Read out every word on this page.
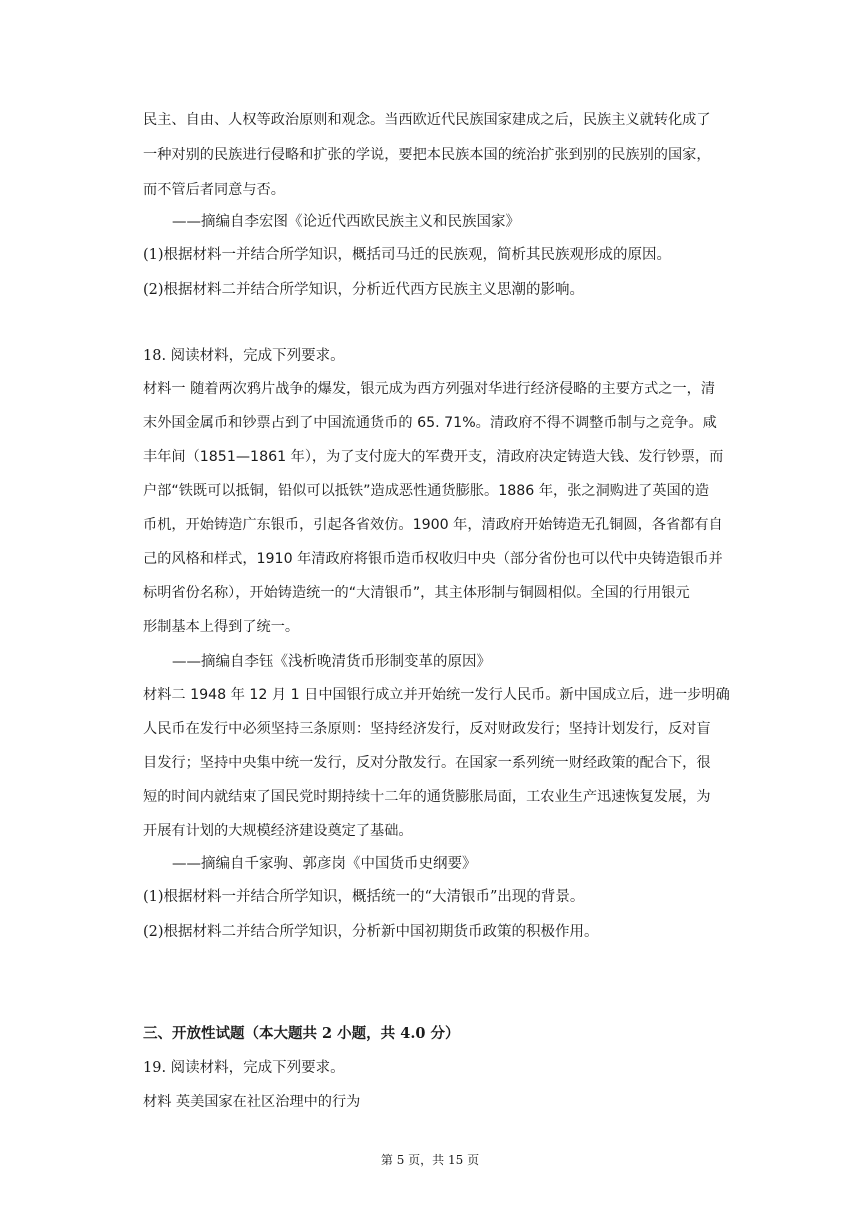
民主、自由、人权等政治原则和观念。当西欧近代民族国家建成之后，民族主义就转化成了
一种对别的民族进行侵略和扩张的学说，要把本民族本国的统治扩张到别的民族别的国家，
而不管后者同意与否。
——摘编自李宏图《论近代西欧民族主义和民族国家》
(1)根据材料一并结合所学知识，概括司马迁的民族观，简析其民族观形成的原因。
(2)根据材料二并结合所学知识，分析近代西方民族主义思潮的影响。
18. 阅读材料，完成下列要求。
材料一 随着两次鸦片战争的爆发，银元成为西方列强对华进行经济侵略的主要方式之一，清
末外国金属币和钞票占到了中国流通货币的 65. 71%。清政府不得不调整币制与之竞争。咸
丰年间（1851—1861 年），为了支付庞大的军费开支，清政府决定铸造大钱、发行钞票，而
户部“铁既可以抵铜，铅似可以抵铁”造成恶性通货膨胀。1886 年，张之洞购进了英国的造
币机，开始铸造广东银币，引起各省效仿。1900 年，清政府开始铸造无孔铜圆，各省都有自
己的风格和样式，1910 年清政府将银币造币权收归中央（部分省份也可以代中央铸造银币并
标明省份名称），开始铸造统一的“大清银币”，其主体形制与铜圆相似。全国的行用银元
形制基本上得到了统一。
——摘编自李钰《浅析晚清货币形制变革的原因》
材料二 1948 年 12 月 1 日中国银行成立并开始统一发行人民币。新中国成立后，进一步明确
人民币在发行中必须坚持三条原则：坚持经济发行，反对财政发行；坚持计划发行，反对盲
目发行；坚持中央集中统一发行，反对分散发行。在国家一系列统一财经政策的配合下，很
短的时间内就结束了国民党时期持续十二年的通货膨胀局面，工农业生产迅速恢复发展，为
开展有计划的大规模经济建设奠定了基础。
——摘编自千家驹、郭彦岗《中国货币史纲要》
(1)根据材料一并结合所学知识，概括统一的“大清银币”出现的背景。
(2)根据材料二并结合所学知识，分析新中国初期货币政策的积极作用。
三、开放性试题（本大题共 2 小题，共 4.0 分）
19. 阅读材料，完成下列要求。
材料 英美国家在社区治理中的行为
第 5 页，共 15 页
